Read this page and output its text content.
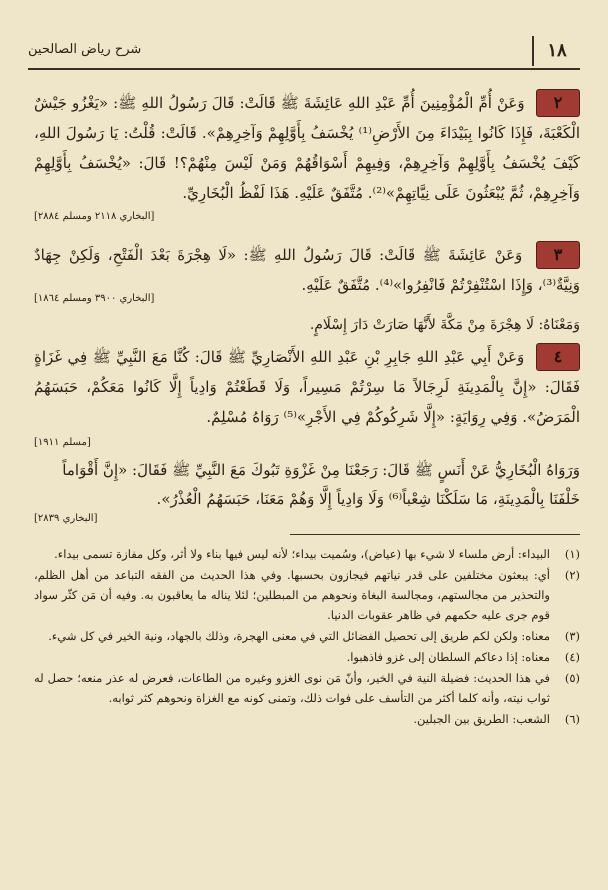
١٨
شرح رياض الصالحين
٢ وَعَنْ أُمِّ الْمُؤْمِنِينَ أُمِّ عَبْدِ اللهِ عَائِشَةَ ﷺ قَالَتْ: قَالَ رَسُولُ اللهِ ﷺ: «يَغْزُو جَيْشٌ الْكَعْبَةَ، فَإِذَا كَانُوا بِبَيْدَاءَ مِنَ الأَرْضِ⁽¹⁾ يُخْسَفُ بِأَوَّلِهِمْ وَآخِرِهِمْ». قَالَتْ: قُلْتُ: يَا رَسُولَ اللهِ، كَيْفَ يُخْسَفُ بِأَوَّلِهِمْ وَآخِرِهِمْ، وَفِيهِمْ أَسْوَاقُهُمْ وَمَنْ لَيْسَ مِنْهُمْ؟! قَالَ: «يُخْسَفُ بِأَوَّلِهِمْ وَآخِرِهِمْ، ثُمَّ يُبْعَثُونَ عَلَى نِيَّاتِهِمْ»⁽²⁾. مُتَّفَقٌ عَلَيْهِ. هَذَا لَفْظُ الْبُخَارِيِّ.
[البخاري ٢١١٨ ومسلم ٢٨٨٤]
٣ وَعَنْ عَائِشَةَ ﷺ قَالَتْ: قَالَ رَسُولُ اللهِ ﷺ: «لَا هِجْرَةَ بَعْدَ الْفَتْحِ، وَلَكِنْ جِهَادٌ وَنِيَّةٌ⁽³⁾، وَإِذَا اسْتُنْفِرْتُمْ فَانْفِرُوا»⁽⁴⁾. مُتَّفَقٌ عَلَيْهِ.
[البخاري ٣٩٠٠ ومسلم ١٨٦٤]
وَمَعْنَاهُ: لَا هِجْرَةَ مِنْ مَكَّةَ لأَنَّهَا صَارَتْ دَارَ إِسْلَامٍ.
٤ وَعَنْ أَبِي عَبْدِ اللهِ جَابِرِ بْنِ عَبْدِ اللهِ الأَنْصَارِيِّ ﷺ قَالَ: كُنَّا مَعَ النَّبِيِّ ﷺ فِي غَزَاةٍ فَقَالَ: «إِنَّ بِالْمَدِينَةِ لَرِجَالاً مَا سِرْتُمْ مَسِيراً، وَلَا قَطَعْتُمْ وَادِياً إِلَّا كَانُوا مَعَكُمْ، حَبَسَهُمُ الْمَرَضُ». وَفِي رِوَايَةٍ: «إِلَّا شَرِكُوكُمْ فِي الأَجْرِ»⁽⁵⁾ رَوَاهُ مُسْلِمٌ.
[مسلم ١٩١١]
وَرَوَاهُ الْبُخَارِيُّ عَنْ أَنَسٍ ﷺ قَالَ: رَجَعْنَا مِنْ غَزْوَةِ تَبُوكَ مَعَ النَّبِيِّ ﷺ فَقَالَ: «إِنَّ أَقْوَاماً خَلْفَنَا بِالْمَدِينَةِ، مَا سَلَكْنَا شِعْباً⁽⁶⁾ وَلَا وَادِياً إِلَّا وَهُمْ مَعَنَا، حَبَسَهُمُ الْعُذْرُ».
[البخاري ٢٨٣٩]
(١)
البيداء: أرض ملساء لا شيء بها (عياض)، وسُميت بيداء؛ لأنه ليس فيها بناء ولا أثر، وكل مفازة تسمى بيداء.
(٢)
أي: يبعثون مختلفين على قدر نياتهم فيجازون بحسبها. وفي هذا الحديث من الفقه التباعد من أهل الظلم، والتحذير من مجالستهم، ومجالسة البغاة ونحوهم من المبطلين؛ لئلا يناله ما يعاقبون به. وفيه أن مَن كثّر سواد قوم جرى عليه حكمهم في ظاهر عقوبات الدنيا.
(٣)
معناه: ولكن لكم طريق إلى تحصيل الفضائل التي في معنى الهجرة، وذلك بالجهاد، ونية الخير في كل شيء.
(٤)
معناه: إذا دعاكم السلطان إلى غزو فاذهبوا.
(٥)
في هذا الحديث: فضيلة النية في الخير، وأنّ مَن نوى الغزو وغيره من الطاعات، فعرض له عذر منعه؛ حصل له ثواب نيته، وأنه كلما أكثر من التأسف على فوات ذلك، وتمنى كونه مع الغزاة ونحوهم كثر ثوابه.
(٦)
الشعب: الطريق بين الجبلين.
